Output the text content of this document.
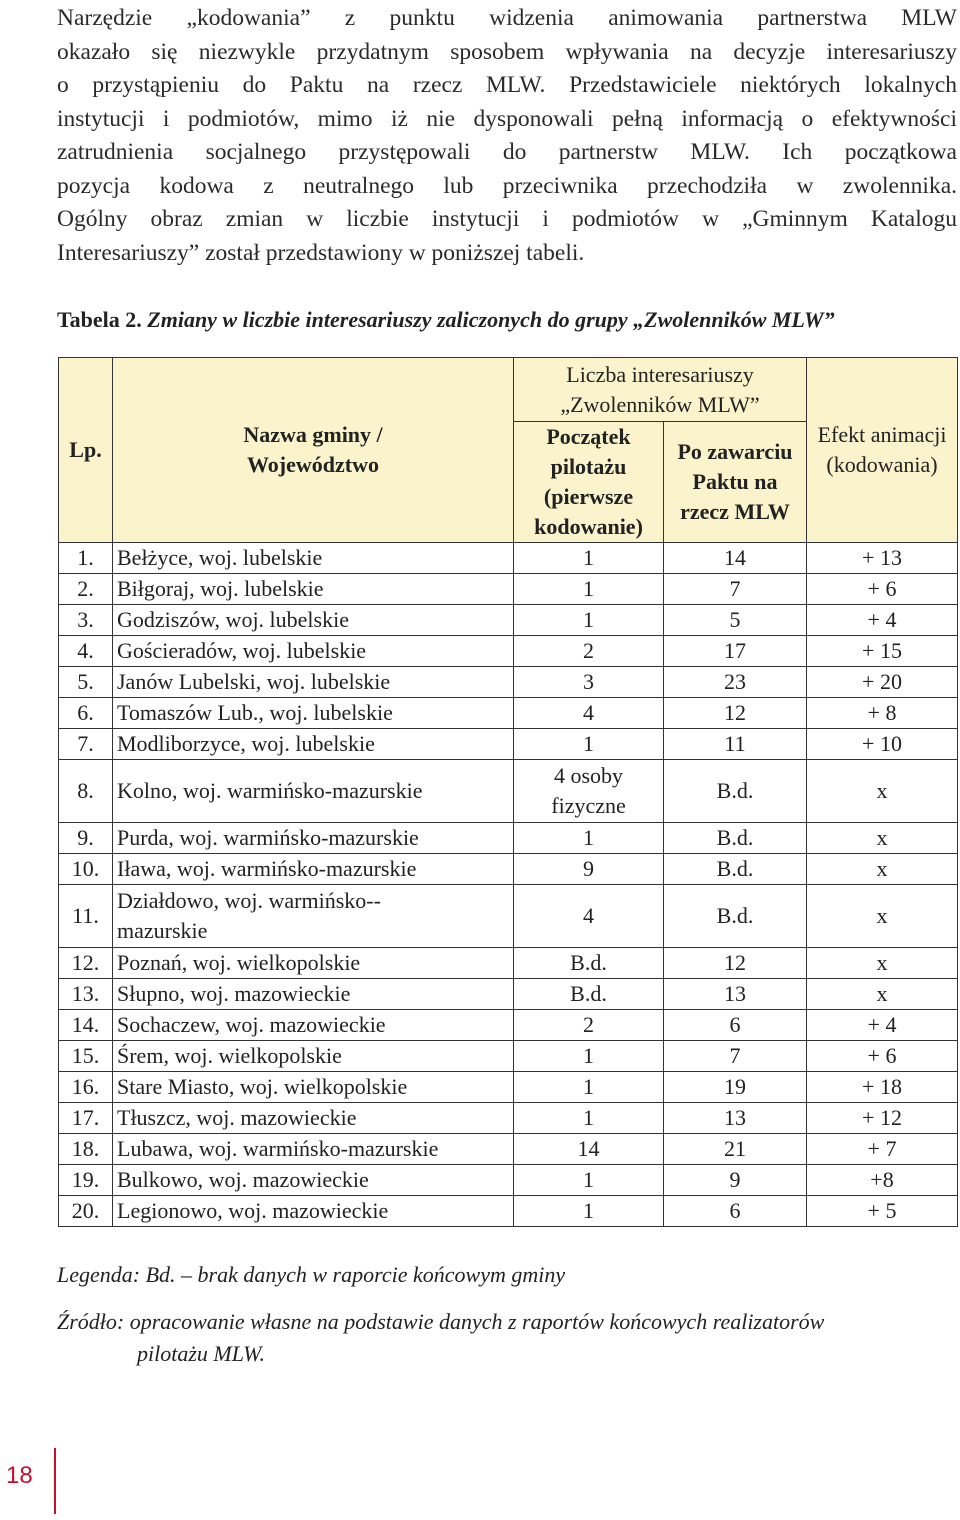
Narzędzie „kodowania” z punktu widzenia animowania partnerstwa MLW
okazało się niezwykle przydatnym sposobem wpływania na decyzje interesariuszy
o przystąpieniu do Paktu na rzecz MLW. Przedstawiciele niektórych lokalnych
instytucji i podmiotów, mimo iż nie dysponowali pełną informacją o efektywności
zatrudnienia socjalnego przystępowali do partnerstw MLW. Ich początkowa
pozycja kodowa z neutralnego lub przeciwnika przechodziła w zwolennika.
Ogólny obraz zmian w liczbie instytucji i podmiotów w „Gminnym Katalogu
Interesariuszy” został przedstawiony w poniższej tabeli.
Tabela 2. Zmiany w liczbie interesariuszy zaliczonych do grupy „Zwolenników MLW”
Lp.	Nazwa gminy / Województwo	Liczba interesariuszy „Zwolenników MLW”		Efekt animacji (kodowania)
		Początek pilotażu (pierwsze kodowanie)	Po zawarciu Paktu na rzecz MLW	
1.	Bełżyce, woj. lubelskie	1	14	+ 13
2.	Biłgoraj, woj. lubelskie	1	7	+ 6
3.	Godziszów, woj. lubelskie	1	5	+ 4
4.	Gościeradów, woj. lubelskie	2	17	+ 15
5.	Janów Lubelski, woj. lubelskie	3	23	+ 20
6.	Tomaszów Lub., woj. lubelskie	4	12	+ 8
7.	Modliborzyce, woj. lubelskie	1	11	+ 10
8.	Kolno, woj. warmińsko-mazurskie	4 osoby fizyczne	B.d.	x
9.	Purda, woj. warmińsko-mazurskie	1	B.d.	x
10.	Iława, woj. warmińsko-mazurskie	9	B.d.	x
11.	Działdowo, woj. warmińsko--mazurskie	4	B.d.	x
12.	Poznań, woj. wielkopolskie	B.d.	12	x
13.	Słupno, woj. mazowieckie	B.d.	13	x
14.	Sochaczew, woj. mazowieckie	2	6	+ 4
15.	Śrem, woj. wielkopolskie	1	7	+ 6
16.	Stare Miasto, woj. wielkopolskie	1	19	+ 18
17.	Tłuszcz, woj. mazowieckie	1	13	+ 12
18.	Lubawa, woj. warmińsko-mazurskie	14	21	+ 7
19.	Bulkowo, woj. mazowieckie	1	9	+8
20.	Legionowo, woj. mazowieckie	1	6	+ 5
Legenda: Bd. – brak danych w raporcie końcowym gminy
Źródło: opracowanie własne na podstawie danych z raportów końcowych realizatorów
pilotażu MLW.
18
